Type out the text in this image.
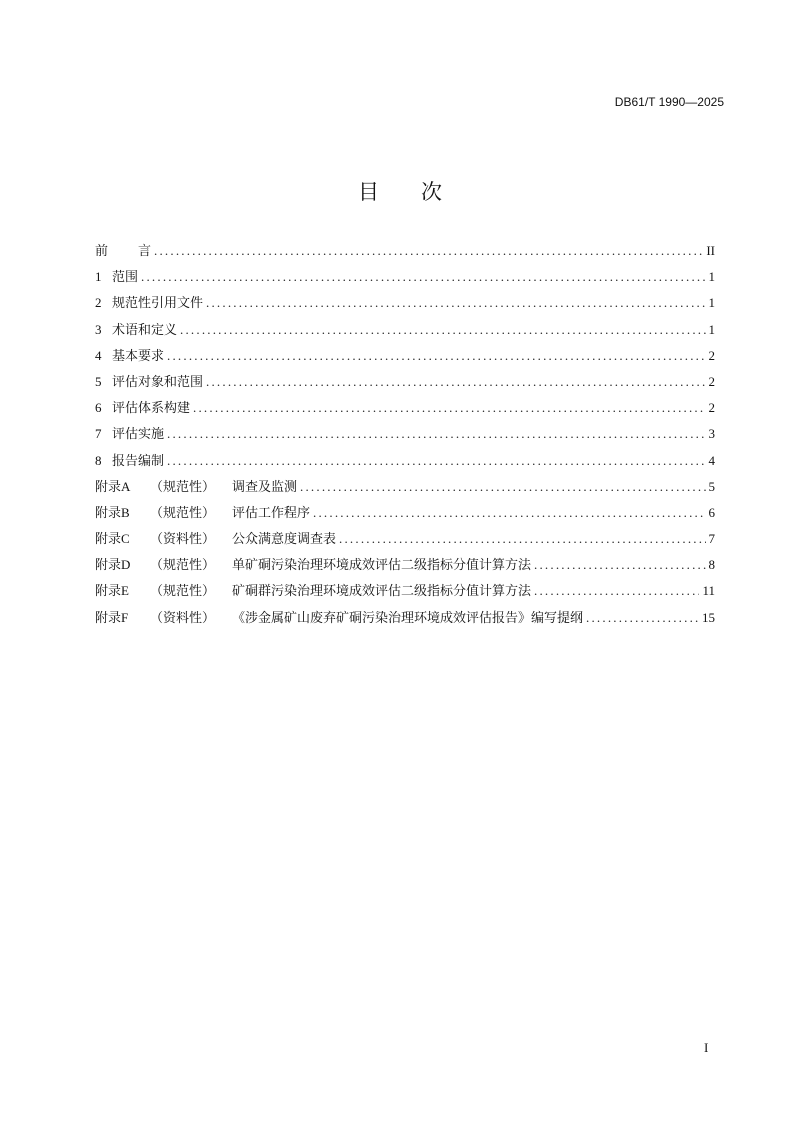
DB61/T 1990—2025
目 次
前 言 .....	II
1 范围 .....	1
2 规范性引用文件 .....	1
3 术语和定义 .....	1
4 基本要求 .....	2
5 评估对象和范围 .....	2
6 评估体系构建 .....	2
7 评估实施 .....	3
8 报告编制 .....	4
附录A	（规范性）	调查及监测 .....	5
附录B	（规范性）	评估工作程序 .....	6
附录C	（资料性）	公众满意度调查表 .....	7
附录D	（规范性）	单矿硐污染治理环境成效评估二级指标分值计算方法 .....	8
附录E	（规范性）	矿硐群污染治理环境成效评估二级指标分值计算方法 .....	11
附录F	（资料性）	《涉金属矿山废弃矿硐污染治理环境成效评估报告》编写提纲 .....	15
I
